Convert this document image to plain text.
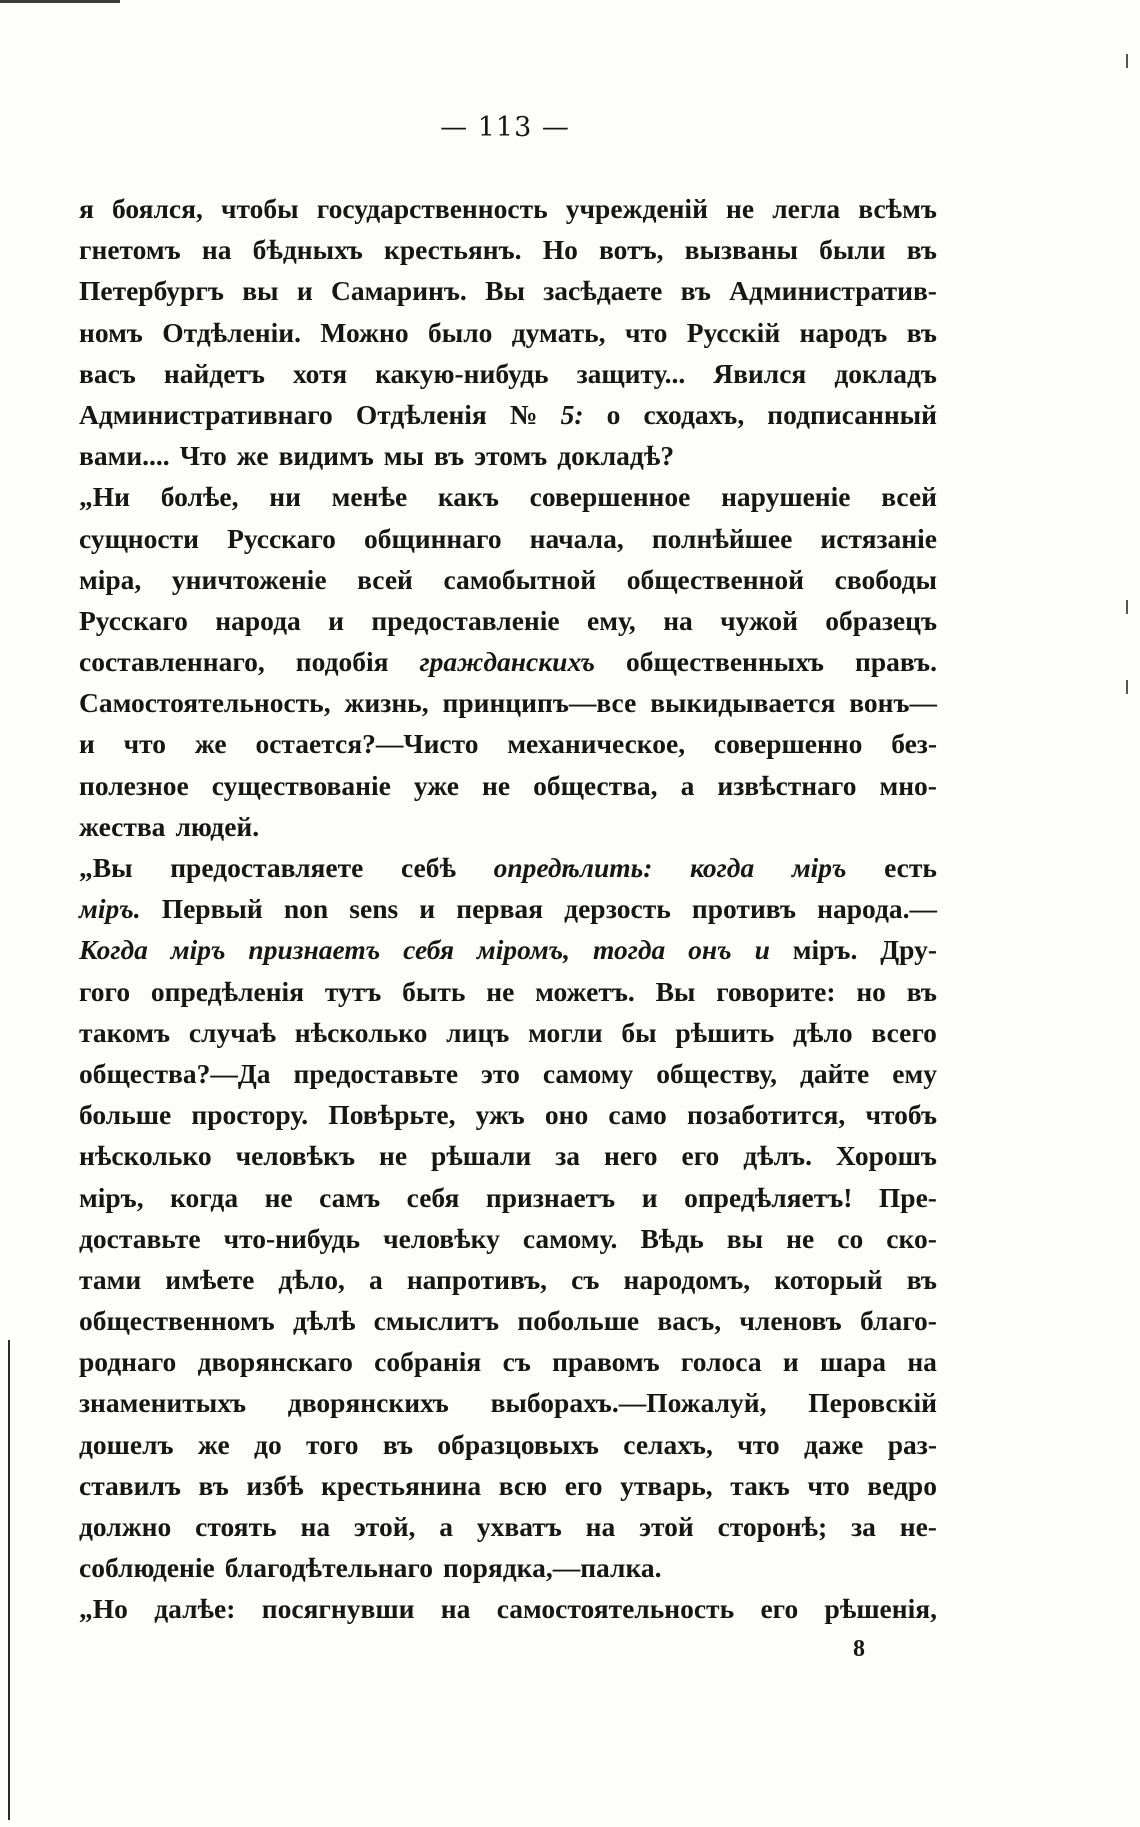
— 113 —
я боялся, чтобы государственность учрежденій не легла всѣмъ
гнетомъ на бѣдныхъ крестьянъ. Но вотъ, вызваны были въ
Петербургъ вы и Самаринъ. Вы засѣдаете въ Административ-
номъ Отдѣленіи. Можно было думать, что Русскій народъ въ
васъ найдетъ хотя какую-нибудь защиту... Явился докладъ
Административнаго Отдѣленія № 5: о сходахъ, подписанный
вами.... Что же видимъ мы въ этомъ докладѣ?
„Ни болѣе, ни менѣе какъ совершенное нарушеніе всей
сущности Русскаго общиннаго начала, полнѣйшее истязаніе
міра, уничтоженіе всей самобытной общественной свободы
Русскаго народа и предоставленіе ему, на чужой образецъ
составленнаго, подобія гражданскихъ общественныхъ правъ.
Самостоятельность, жизнь, принципъ—все выкидывается вонъ—
и что же остается?—Чисто механическое, совершенно без-
полезное существованіе уже не общества, а извѣстнаго мно-
жества людей.
„Вы предоставляете себѣ опредѣлить: когда міръ есть
міръ. Первый non sens и первая дерзость противъ народа.—
Когда міръ признаетъ себя міромъ, тогда онъ и міръ. Дру-
гого опредѣленія тутъ быть не можетъ. Вы говорите: но въ
такомъ случаѣ нѣсколько лицъ могли бы рѣшить дѣло всего
общества?—Да предоставьте это самому обществу, дайте ему
больше простору. Повѣрьте, ужъ оно само позаботится, чтобъ
нѣсколько человѣкъ не рѣшали за него его дѣлъ. Хорошъ
міръ, когда не самъ себя признаетъ и опредѣляетъ! Пре-
доставьте что-нибудь человѣку самому. Вѣдь вы не со ско-
тами имѣете дѣло, а напротивъ, съ народомъ, который въ
общественномъ дѣлѣ смыслитъ побольше васъ, членовъ благо-
роднаго дворянскаго собранія съ правомъ голоса и шара на
знаменитыхъ дворянскихъ выборахъ.—Пожалуй, Перовскій
дошелъ же до того въ образцовыхъ селахъ, что даже раз-
ставилъ въ избѣ крестьянина всю его утварь, такъ что ведро
должно стоять на этой, а ухватъ на этой сторонѣ; за не-
соблюденіе благодѣтельнаго порядка,—палка.
„Но далѣе: посягнувши на самостоятельность его рѣшенія,
8
